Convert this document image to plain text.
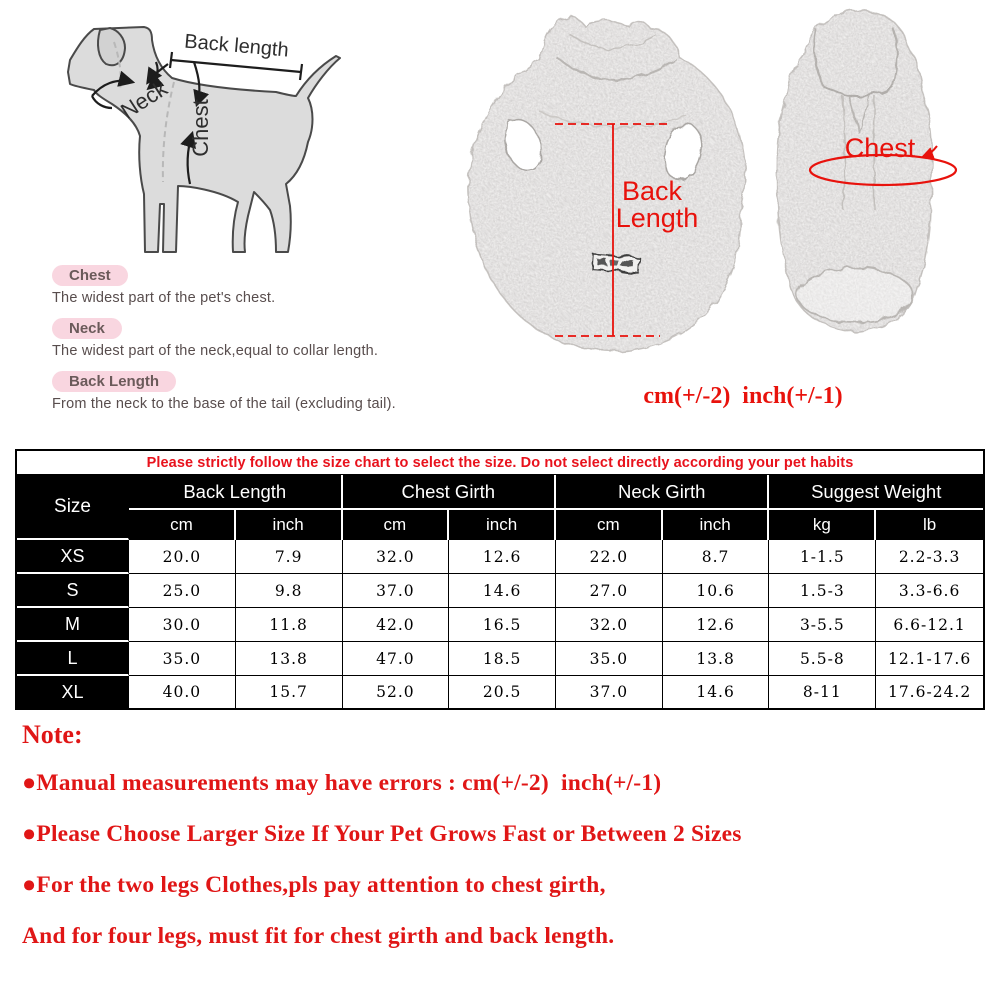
Back length
Neck Chest
Back
Length
Chest
Chest
The widest part of the pet's chest.
Neck
The widest part of the neck,equal to collar length.
Back Length
From the neck to the base of the tail (excluding tail).	cm(+/-2)  inch(+/-1)
Please strictly follow the size chart to select the size. Do not select directly according your pet habits								
Size	Back Length		Chest Girth		Neck Girth		Suggest Weight	
	cm	inch	cm	inch	cm	inch	kg	lb
XS	20.0	7.9	32.0	12.6	22.0	8.7	1-1.5	2.2-3.3
S	25.0	9.8	37.0	14.6	27.0	10.6	1.5-3	3.3-6.6
M	30.0	11.8	42.0	16.5	32.0	12.6	3-5.5	6.6-12.1
L	35.0	13.8	47.0	18.5	35.0	13.8	5.5-8	12.1-17.6
XL	40.0	15.7	52.0	20.5	37.0	14.6	8-11	17.6-24.2
Note:
●Manual measurements may have errors : cm(+/-2)  inch(+/-1)
●Please Choose Larger Size If Your Pet Grows Fast or Between 2 Sizes
●For the two legs Clothes,pls pay attention to chest girth,
And for four legs, must fit for chest girth and back length.
